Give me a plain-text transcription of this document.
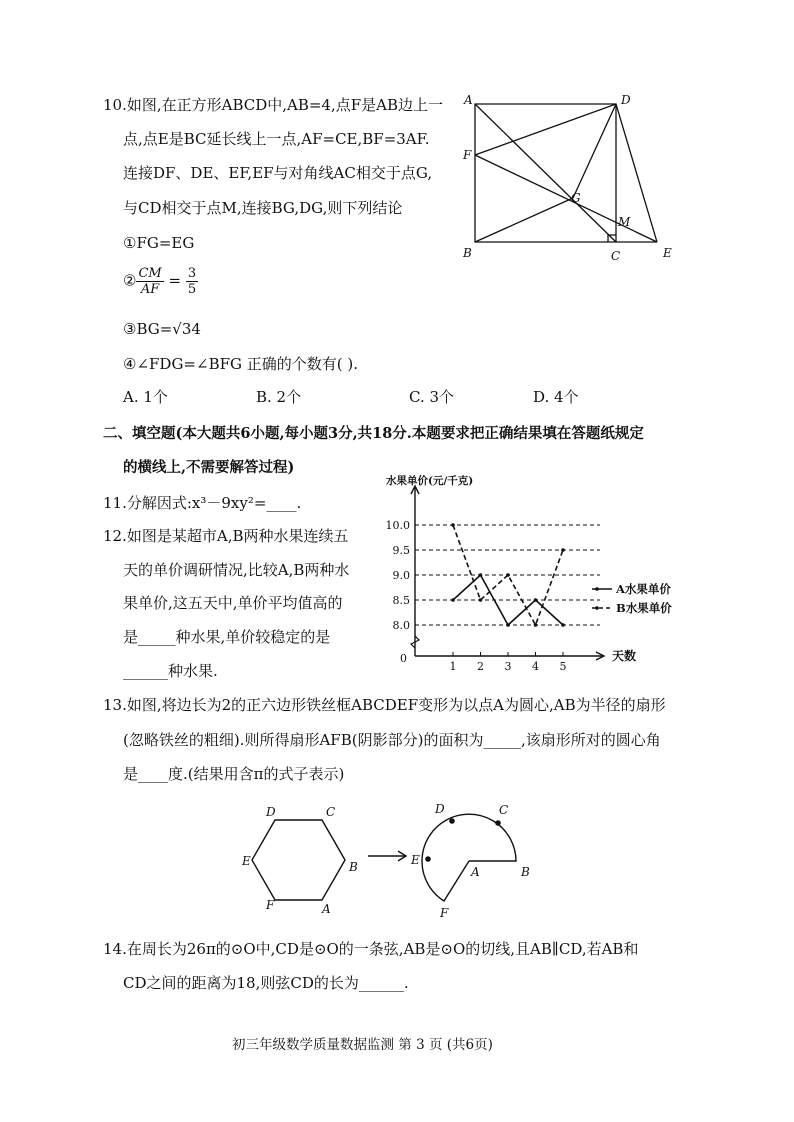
10.如图,在正方形ABCD中,AB=4,点F是AB边上一
点,点E是BC延长线上一点,AF=CE,BF=3AF.
连接DF、DE、EF,EF与对角线AC相交于点G,
与CD相交于点M,连接BG,DG,则下列结论
①FG=EG
② $\frac{CM}{AF} = \frac{3}{5}$
③BG=√34
④∠FDG=∠BFG 正确的个数有( ).
A. 1个	B. 2个	C. 3个	D. 4个
A	D
F
G
M
B	C	E
二、填空题(本大题共6小题,每小题3分,共18分.本题要求把正确结果填在答题纸规定
的横线上,不需要解答过程)
11.分解因式:x³－9xy²=____.
12.如图是某超市A,B两种水果连续五
天的单价调研情况,比较A,B两种水
果单价,这五天中,单价平均值高的
是_____种水果,单价较稳定的是
______种水果.
8.0
8.5
9.0
9.5
10.0
1 2 3 4 5
0
水果单价(元/千克)
天数
A水果单价
B水果单价
13.如图,将边长为2的正六边形铁丝框ABCDEF变形为以点A为圆心,AB为半径的扇形
(忽略铁丝的粗细).则所得扇形AFB(阴影部分)的面积为_____,该扇形所对的圆心角
是____度.(结果用含π的式子表示)
D	C
E	B
F	A
D	C
E
A	B
F
14.在周长为26π的⊙O中,CD是⊙O的一条弦,AB是⊙O的切线,且AB∥CD,若AB和
CD之间的距离为18,则弦CD的长为______.
初三年级数学质量数据监测 第 3 页 (共6页)
